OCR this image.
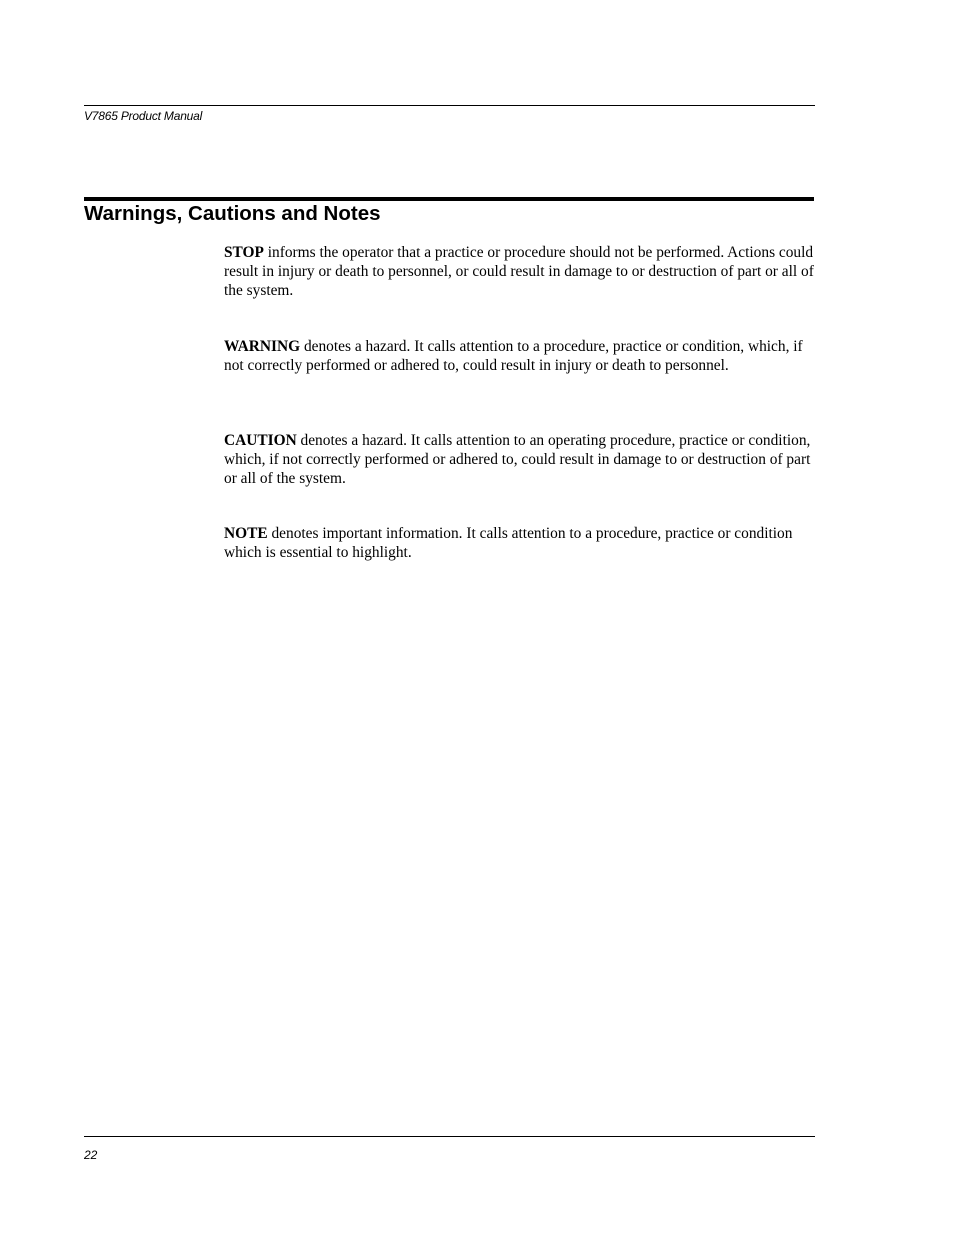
V7865 Product Manual
Warnings, Cautions and Notes

STOP informs the operator that a practice or procedure should not be performed. Actions could result in injury or death to personnel, or could result in damage to or destruction of part or all of the system.

WARNING denotes a hazard. It calls attention to a procedure, practice or condition, which, if not correctly performed or adhered to, could result in injury or death to personnel.

CAUTION denotes a hazard. It calls attention to an operating procedure, practice or condition, which, if not correctly performed or adhered to, could result in damage to or destruction of part or all of the system.

NOTE denotes important information. It calls attention to a procedure, practice or condition which is essential to highlight.

22
